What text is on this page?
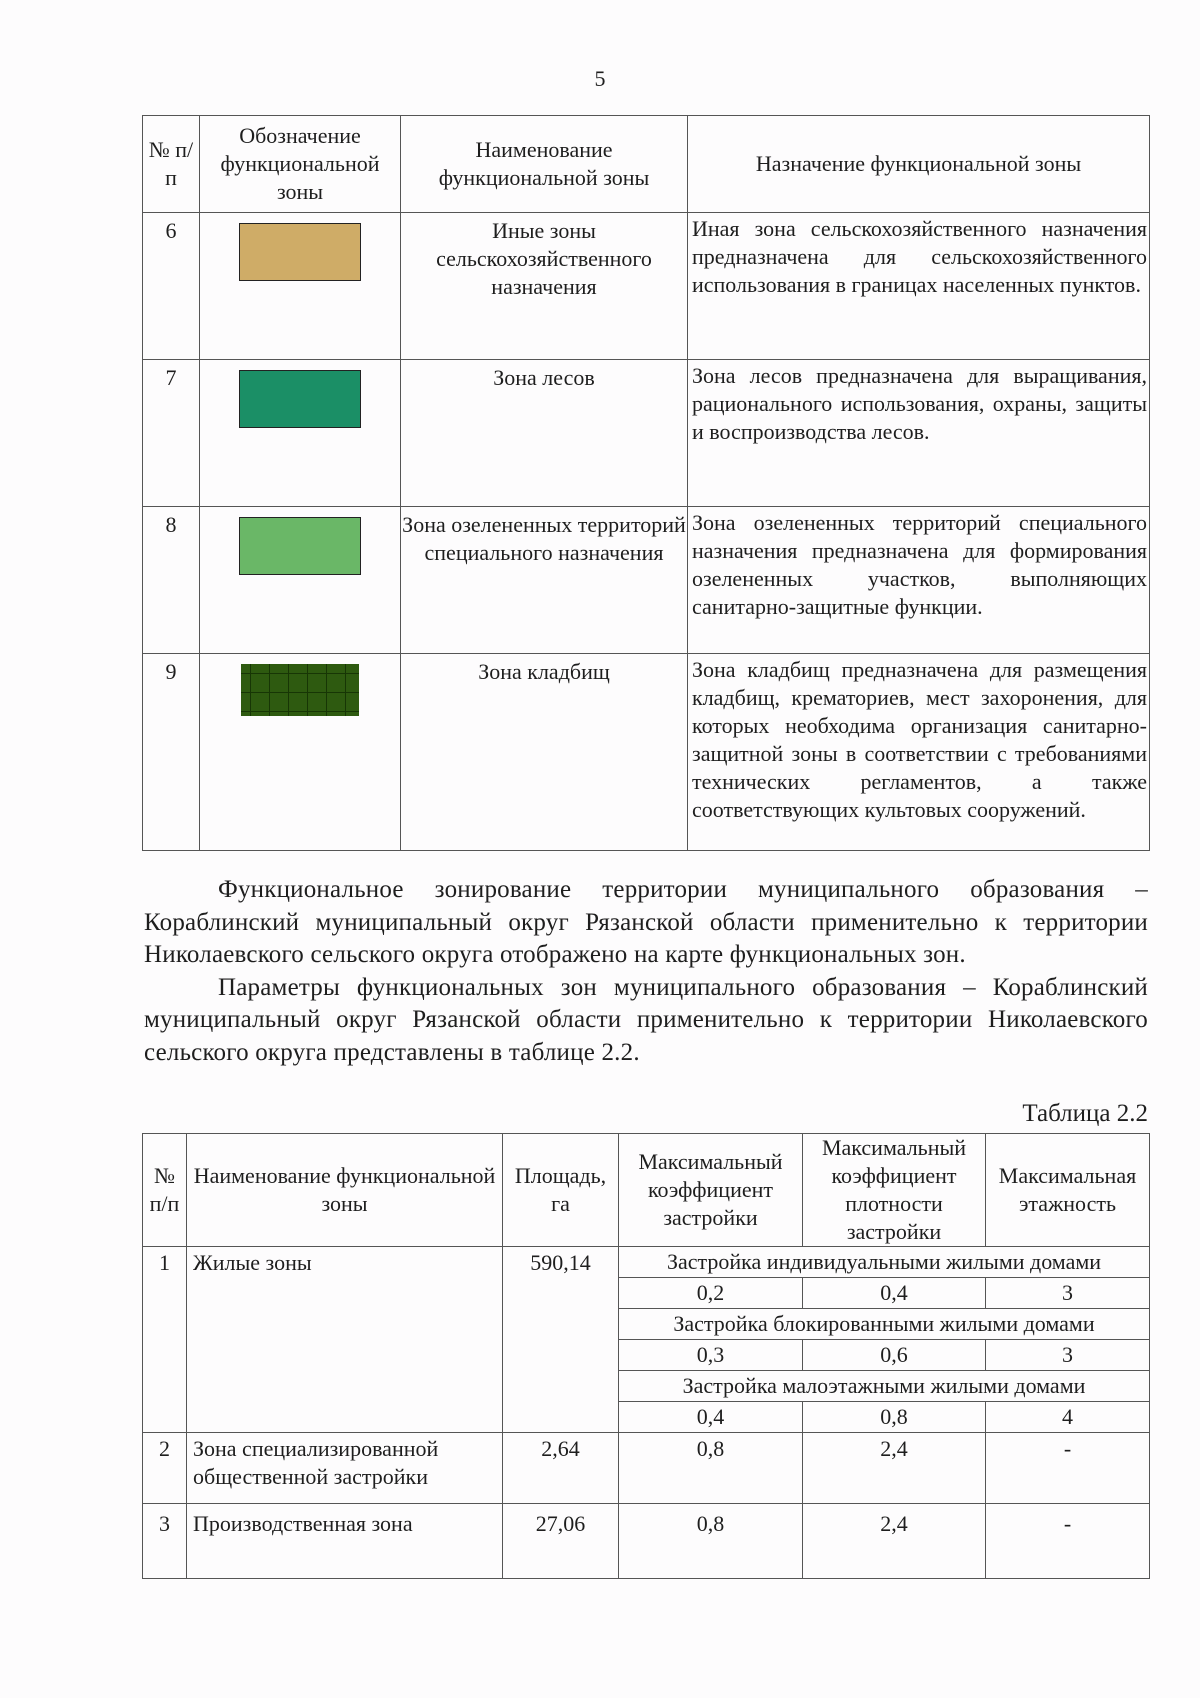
5
№ п/п	Обозначение функциональной зоны	Наименование функциональной зоны	Назначение функциональной зоны
6		Иные зоны сельскохозяйственного назначения	Иная зона сельскохозяйственного назначения предназначена для сельскохозяйственного использования в границах населенных пунктов.
7		Зона лесов	Зона лесов предназначена для выращивания, рационального использования, охраны, защиты и воспроизводства лесов.
8		Зона озелененных территорий специального назначения	Зона озелененных территорий специального назначения предназначена для формирования озелененных участков, выполняющих санитарно-защитные функции.
9		Зона кладбищ	Зона кладбищ предназначена для размещения кладбищ, крематориев, мест захоронения, для которых необходима организация санитарно-защитной зоны в соответствии с требованиями технических регламентов, а также соответствующих культовых сооружений.

Функциональное зонирование территории муниципального образования – Кораблинский муниципальный округ Рязанской области применительно к территории Николаевского сельского округа отображено на карте функциональных зон.

Параметры функциональных зон муниципального образования – Кораблинский муниципальный округ Рязанской области применительно к территории Николаевского сельского округа представлены в таблице 2.2.

Таблица 2.2
№ п/п	Наименование функциональной зоны	Площадь, га	Максимальный коэффициент застройки	Максимальный коэффициент плотности застройки	Максимальная этажность
1	Жилые зоны	590,14	Застройка индивидуальными жилыми домами		
			0,2	0,4	3
			Застройка блокированными жилыми домами		
			0,3	0,6	3
			Застройка малоэтажными жилыми домами		
			0,4	0,8	4
2	Зона специализированной общественной застройки	2,64	0,8	2,4	-
3	Производственная зона	27,06	0,8	2,4	-
